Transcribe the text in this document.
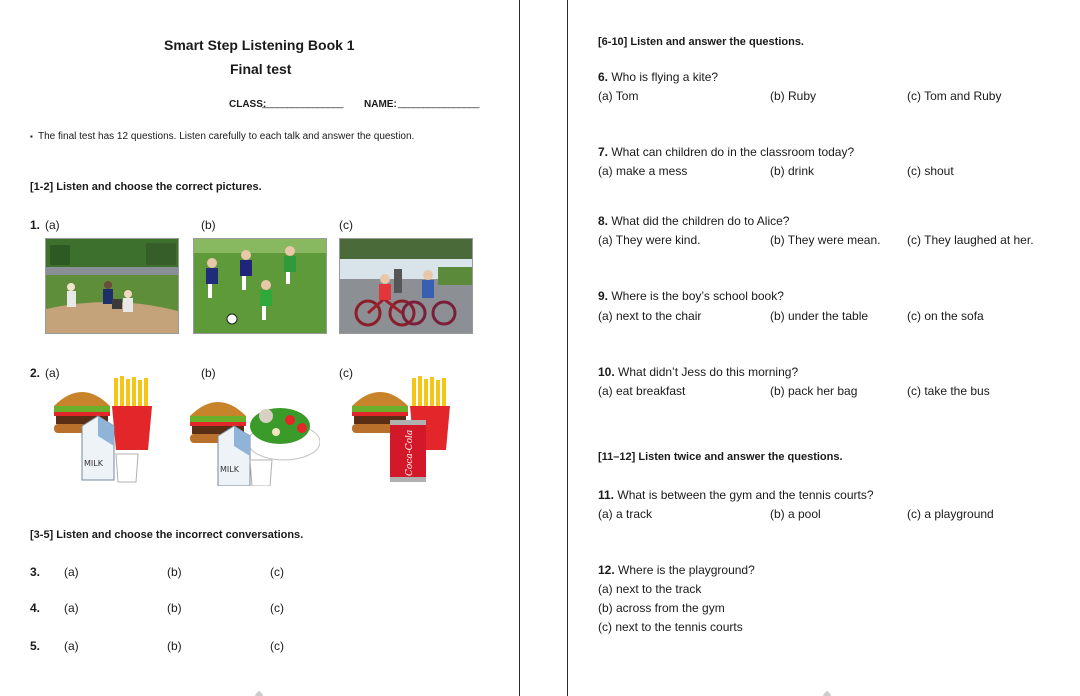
Smart Step Listening Book 1
Final test
CLASS:
________________ NAME: ________________
▪ The final test has 12 questions. Listen carefully to each talk and answer the question.
[1-2] Listen and choose the correct pictures.
1. (a)	(b)	(c)
2. (a)	(b)	(c)
MILK
MILK	Coca-Cola
[3-5] Listen and choose the incorrect conversations.
3. (a)	(b)	(c)
4. (a)	(b)	(c)
5. (a)	(b)	(c)
[6-10] Listen and answer the questions.
6. Who is flying a kite?
(a) Tom	(b) Ruby	(c) Tom and Ruby
7. What can children do in the classroom today?
(a) make a mess	(b) drink	(c) shout
8. What did the children do to Alice?
(a) They were kind.	(b) They were mean. (c) They laughed at her.
9. Where is the boy’s school book?
(a) next to the chair	(b) under the table	(c) on the sofa
10. What didn’t Jess do this morning?
(a) eat breakfast	(b) pack her bag	(c) take the bus
[11–12] Listen twice and answer the questions.
11. What is between the gym and the tennis courts?
(a) a track	(b) a pool	(c) a playground
12. Where is the playground?
(a) next to the track
(b) across from the gym
(c) next to the tennis courts
